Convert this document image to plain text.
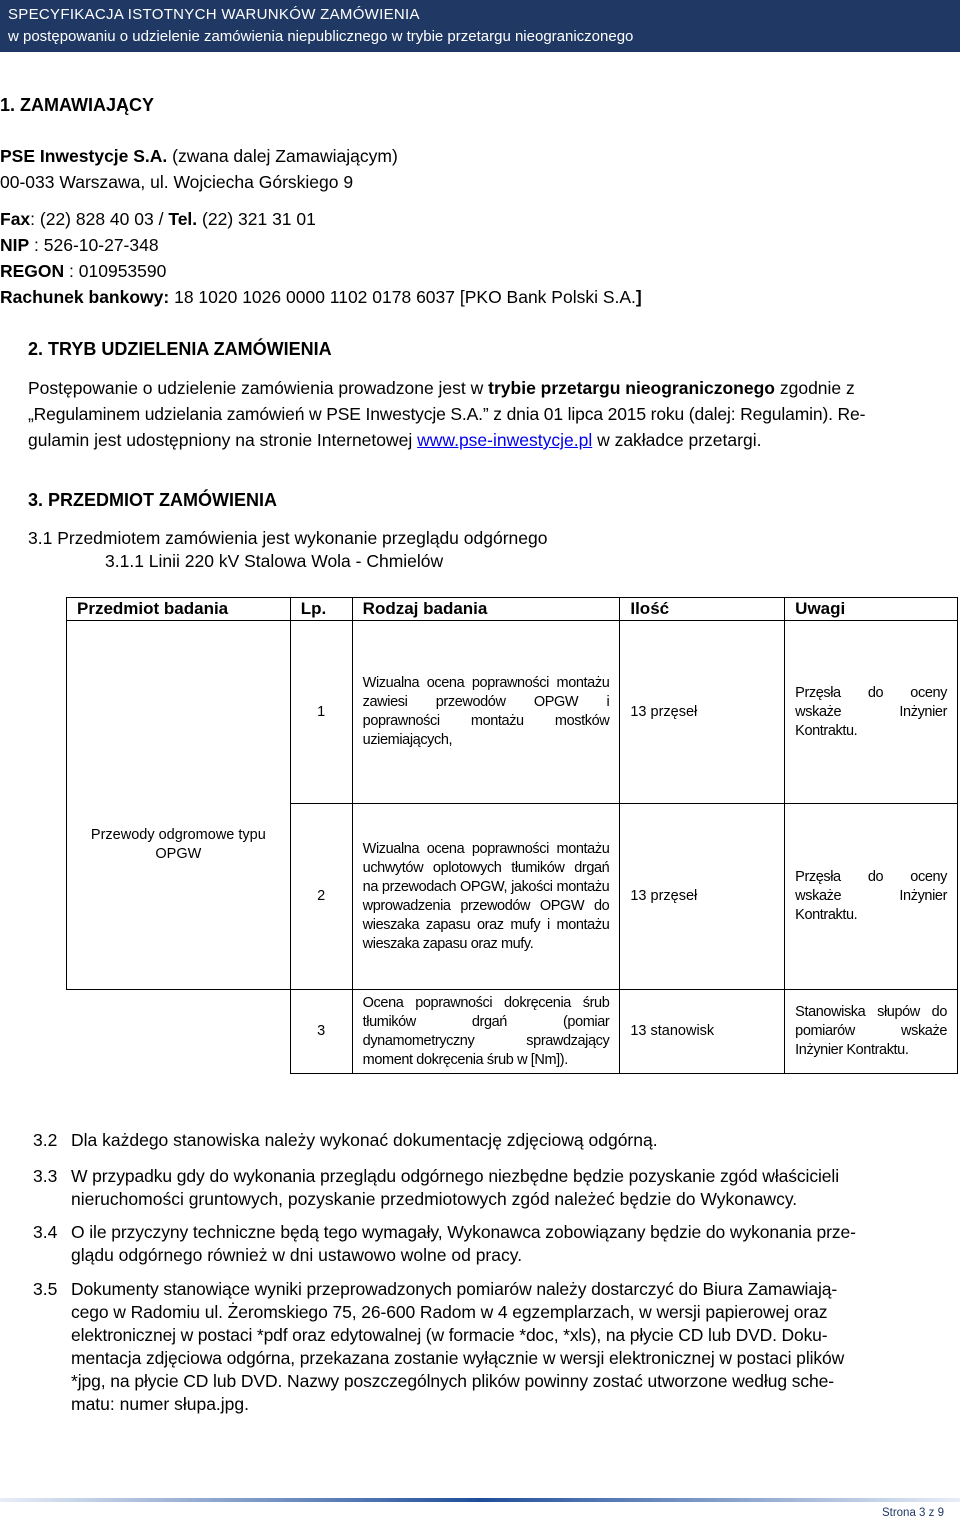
SPECYFIKACJA ISTOTNYCH WARUNKÓW ZAMÓWIENIA
w postępowaniu o udzielenie zamówienia niepublicznego w trybie przetargu nieograniczonego
1. ZAMAWIAJĄCY
PSE Inwestycje S.A. (zwana dalej Zamawiającym)
00-033 Warszawa, ul. Wojciecha Górskiego 9
Fax: (22) 828 40 03 / Tel. (22) 321 31 01
NIP : 526-10-27-348
REGON : 010953590
Rachunek bankowy: 18 1020 1026 0000 1102 0178 6037 [PKO Bank Polski S.A.]
2. TRYB UDZIELENIA ZAMÓWIENIA
Postępowanie o udzielenie zamówienia prowadzone jest w trybie przetargu nieograniczonego zgodnie z
„Regulaminem udzielania zamówień w PSE Inwestycje S.A.” z dnia 01 lipca 2015 roku (dalej: Regulamin). Re-
gulamin jest udostępniony na stronie Internetowej www.pse-inwestycje.pl w zakładce przetargi.
3. PRZEDMIOT ZAMÓWIENIA
3.1 Przedmiotem zamówienia jest wykonanie przeglądu odgórnego
3.1.1 Linii 220 kV Stalowa Wola - Chmielów
Przedmiot badania	Lp.	Rodzaj badania	Ilość	Uwagi
	1	Wizualna ocena poprawności montażu zawiesi przewodów OPGW i poprawności montażu mostków uziemiających,	13 przęseł	Przęsła do oceny wskaże Inżynier Kontraktu.
Przewody odgromowe typu OPGW	2	Wizualna ocena poprawności montażu uchwytów oplotowych tłumików drgań na przewodach OPGW, jakości montażu wprowadzenia przewodów OPGW do wieszaka zapasu oraz mufy i montażu wieszaka zapasu oraz mufy.	13 przęseł	Przęsła do oceny wskaże Inżynier Kontraktu.
	3	Ocena poprawności dokręcenia śrub tłumików drgań (pomiar dynamometryczny sprawdzający moment dokręcenia śrub w [Nm]).	13 stanowisk	Stanowiska słupów do pomiarów wskaże Inżynier Kontraktu.
3.2 Dla każdego stanowiska należy wykonać dokumentację zdjęciową odgórną.
3.3 W przypadku gdy do wykonania przeglądu odgórnego niezbędne będzie pozyskanie zgód właścicieli
nieruchomości gruntowych, pozyskanie przedmiotowych zgód należeć będzie do Wykonawcy.
3.4 O ile przyczyny techniczne będą tego wymagały, Wykonawca zobowiązany będzie do wykonania prze-
glądu odgórnego również w dni ustawowo wolne od pracy.
3.5 Dokumenty stanowiące wyniki przeprowadzonych pomiarów należy dostarczyć do Biura Zamawiają-
cego w Radomiu ul. Żeromskiego 75, 26-600 Radom w 4 egzemplarzach, w wersji papierowej oraz
elektronicznej w postaci *pdf oraz edytowalnej (w formacie *doc, *xls), na płycie CD lub DVD. Doku-
mentacja zdjęciowa odgórna, przekazana zostanie wyłącznie w wersji elektronicznej w postaci plików
*jpg, na płycie CD lub DVD. Nazwy poszczególnych plików powinny zostać utworzone według sche-
matu: numer słupa.jpg.
Strona 3 z 9
